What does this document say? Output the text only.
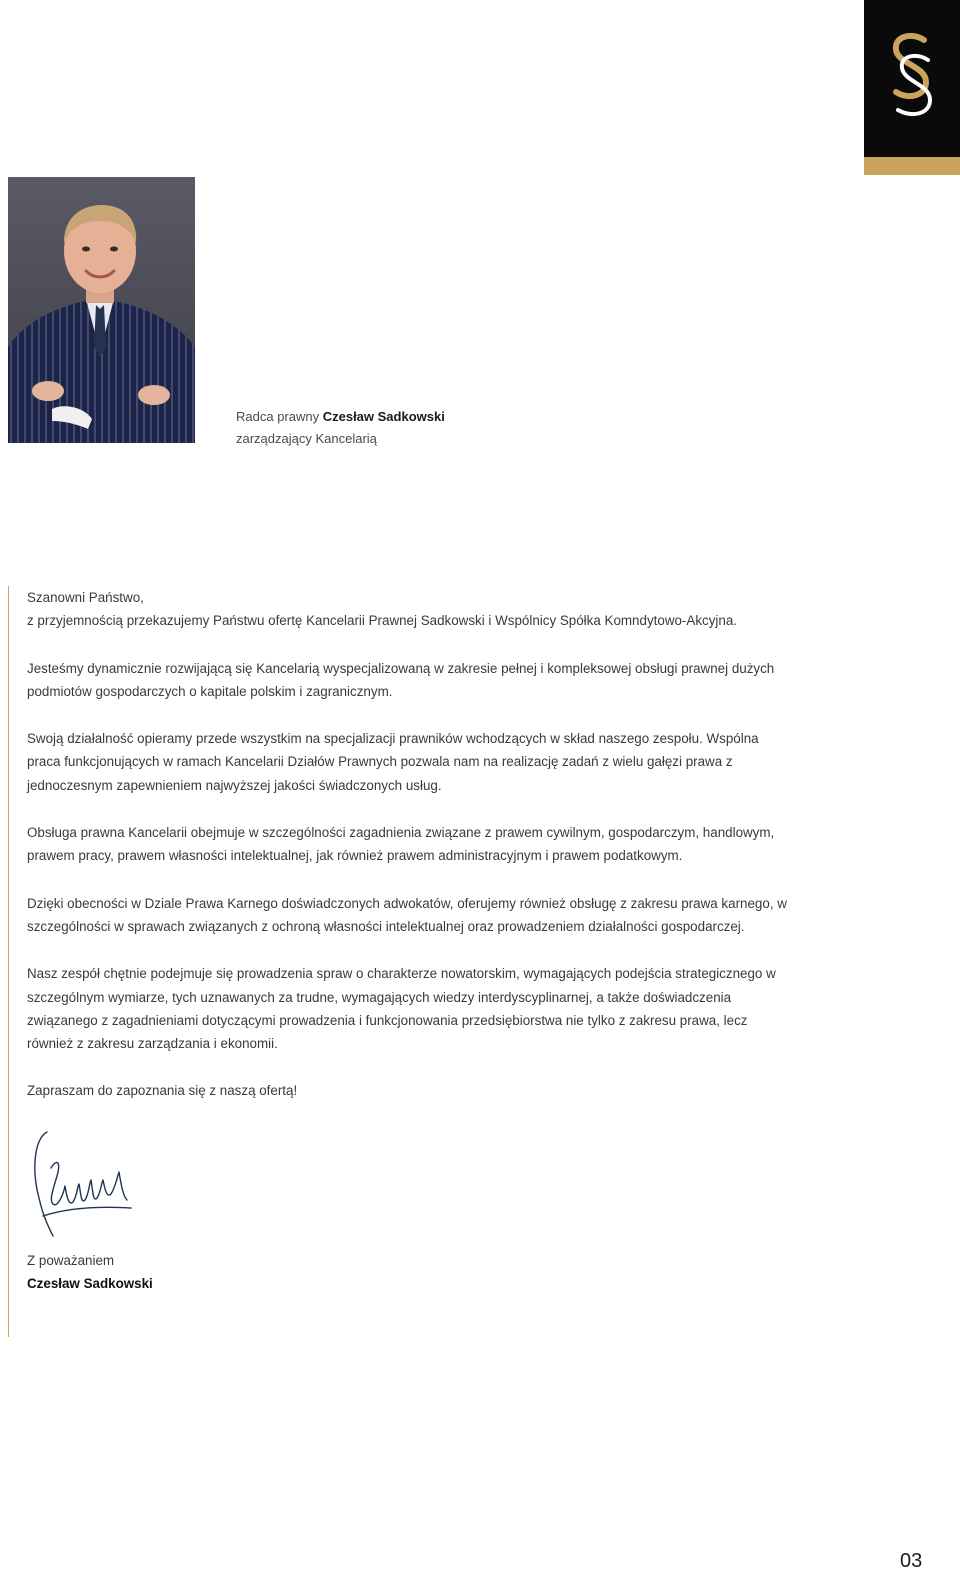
Radca prawny Czesław Sadkowski
zarządzający Kancelarią

Szanowni Państwo,

z przyjemnością przekazujemy Państwu ofertę Kancelarii Prawnej Sadkowski i Wspólnicy Spółka Komndytowo-Akcyjna.

Jesteśmy dynamicznie rozwijającą się Kancelarią wyspecjalizowaną w zakresie pełnej i kompleksowej obsługi prawnej dużych podmiotów gospodarczych o kapitale polskim i zagranicznym.

Swoją działalność opieramy przede wszystkim na specjalizacji prawników wchodzących w skład naszego zespołu. Wspólna praca funkcjonujących w ramach Kancelarii Działów Prawnych pozwala nam na realizację zadań z wielu gałęzi prawa z jednoczesnym zapewnieniem najwyższej jakości świadczonych usług.

Obsługa prawna Kancelarii obejmuje w szczególności zagadnienia związane z prawem cywilnym, gospodarczym, handlowym, prawem pracy, prawem własności intelektualnej, jak również prawem administracyjnym i prawem podatkowym.

Dzięki obecności w Dziale Prawa Karnego doświadczonych adwokatów, oferujemy również obsługę z zakresu prawa karnego, w szczególności w sprawach związanych z ochroną własności intelektualnej oraz prowadzeniem działalności gospodarczej.

Nasz zespół chętnie podejmuje się prowadzenia spraw o charakterze nowatorskim, wymagających podejścia strategicznego w szczególnym wymiarze, tych uznawanych za trudne, wymagających wiedzy interdyscyplinarnej, a także doświadczenia związanego z zagadnieniami dotyczącymi prowadzenia i funkcjonowania przedsiębiorstwa nie tylko z zakresu prawa, lecz również z zakresu zarządzania i ekonomii.

Zapraszam do zapoznania się z naszą ofertą!

Z poważaniem
Czesław Sadkowski
03
